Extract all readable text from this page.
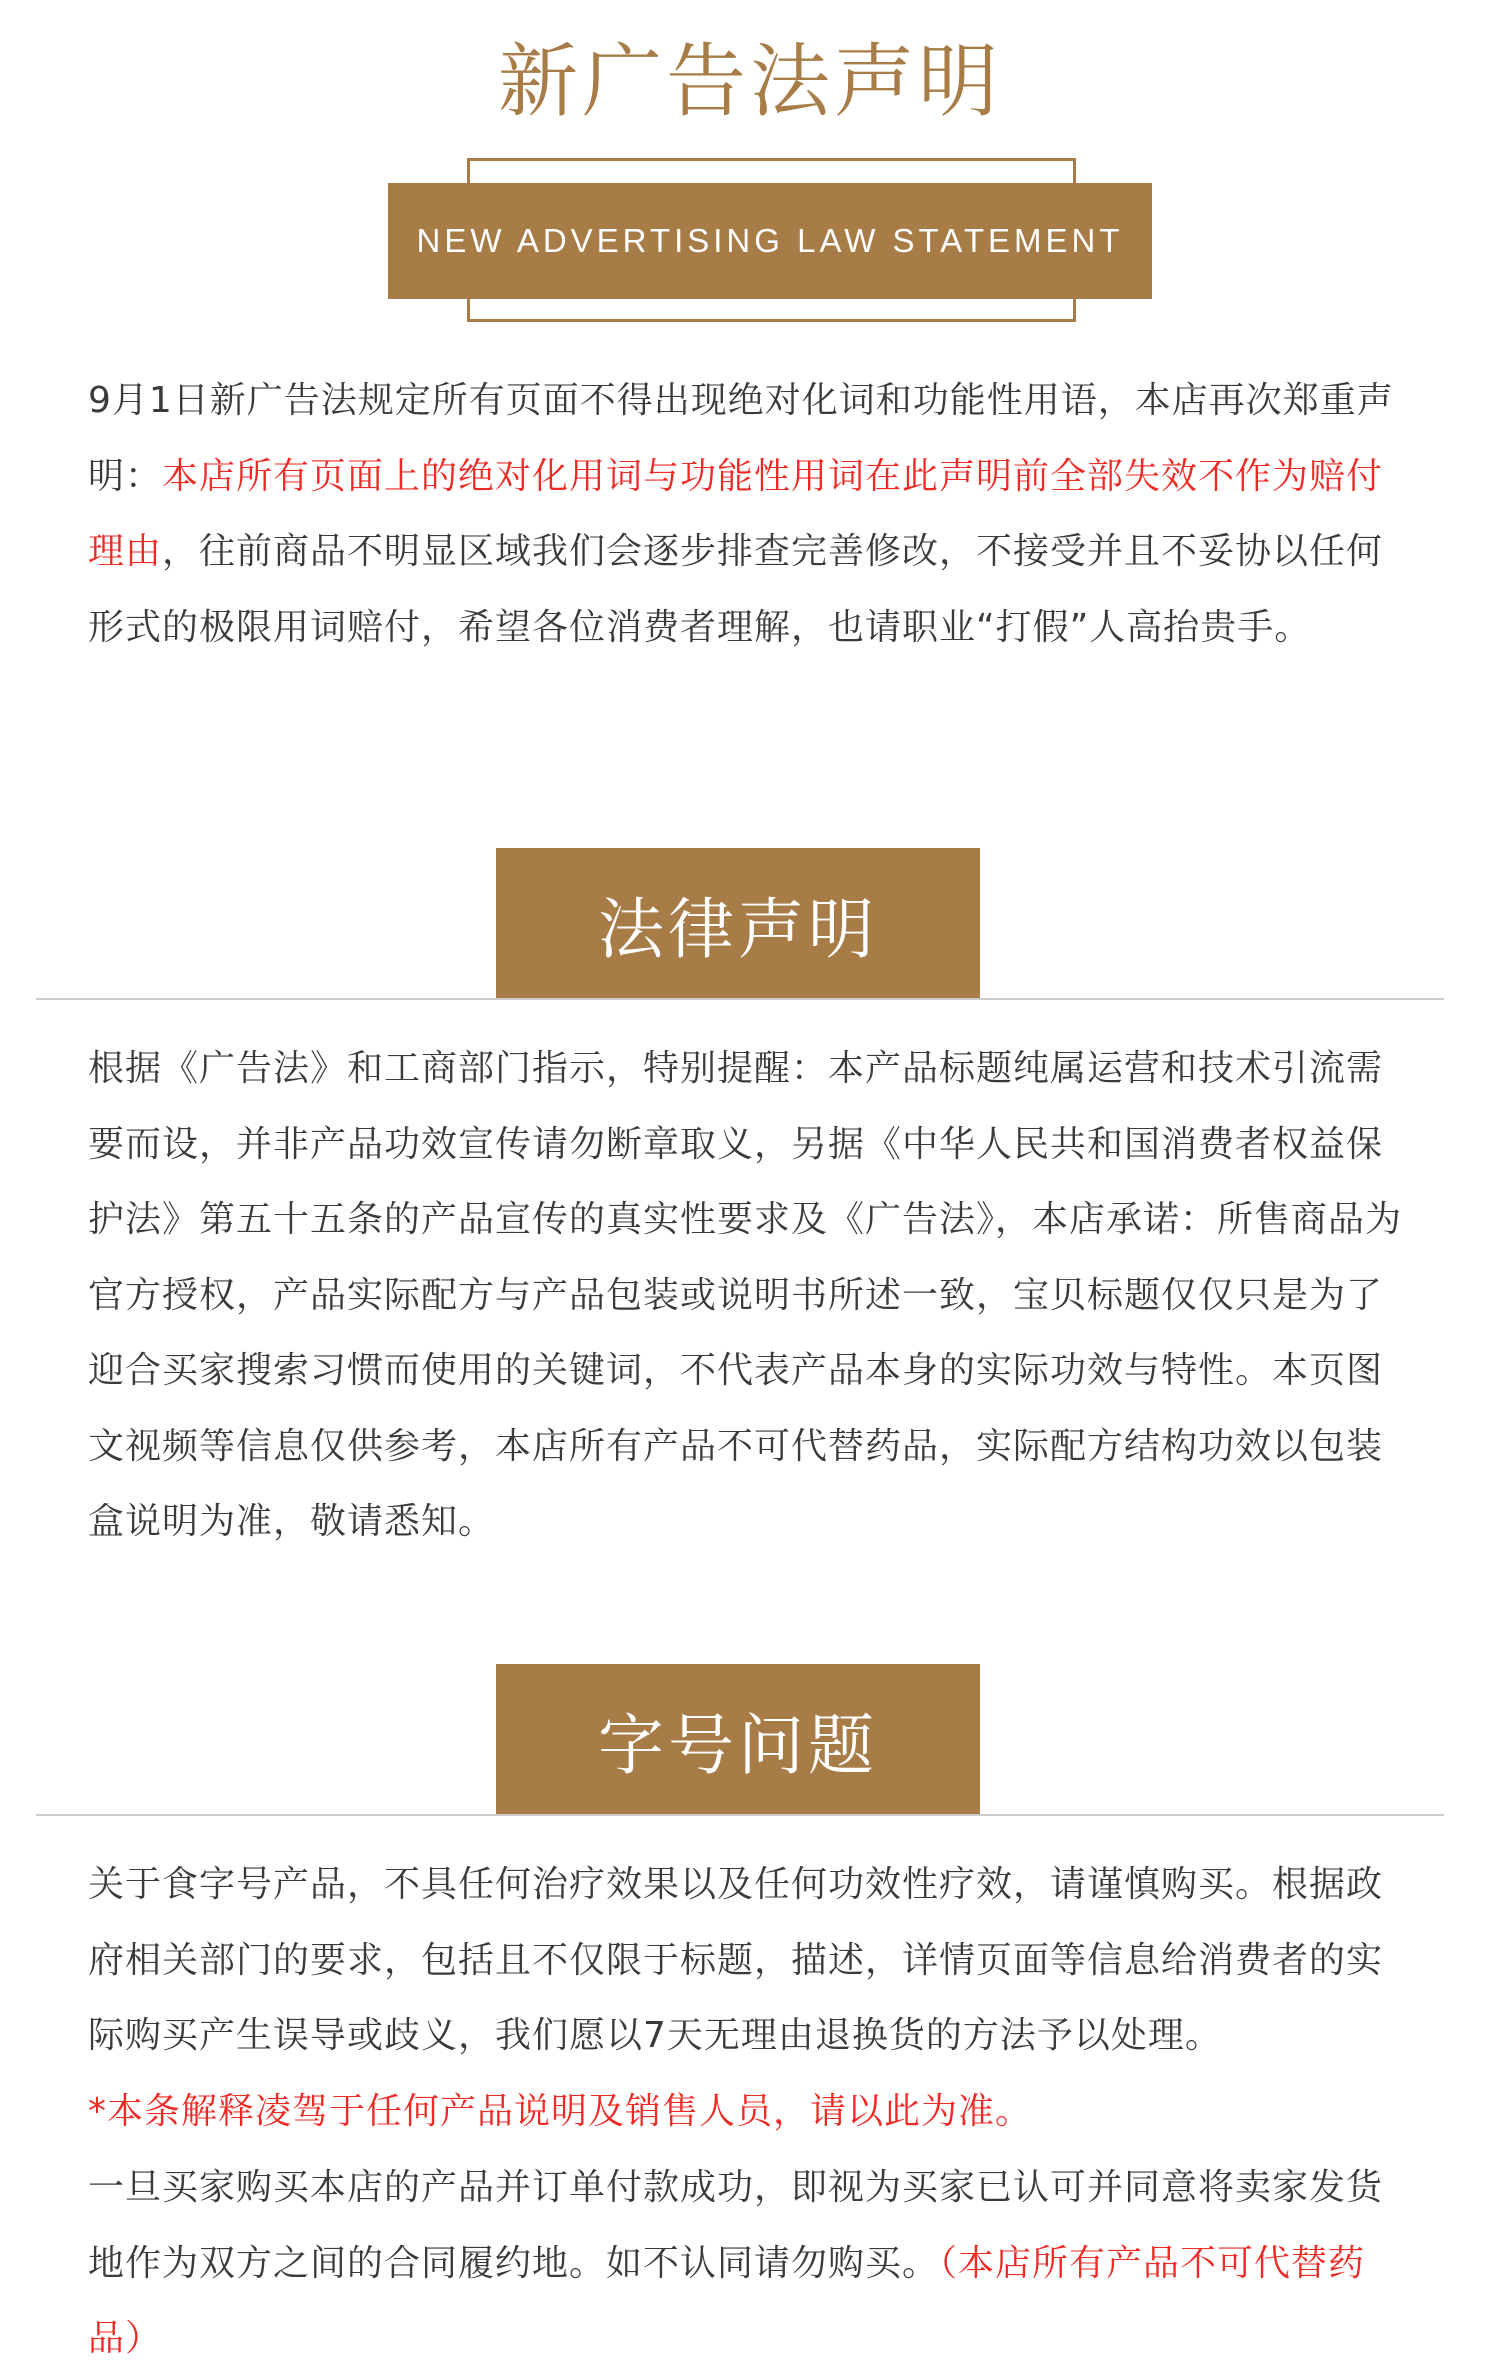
新广告法声明
NEW ADVERTISING LAW STATEMENT

9月1日新广告法规定所有页面不得出现绝对化词和功能性用语，本店再次郑重声明：本店所有页面上的绝对化用词与功能性用词在此声明前全部失效不作为赔付理由，往前商品不明显区域我们会逐步排查完善修改，不接受并且不妥协以任何形式的极限用词赔付，希望各位消费者理解，也请职业“打假”人高抬贵手。

法律声明

根据《广告法》和工商部门指示，特别提醒：本产品标题纯属运营和技术引流需要而设，并非产品功效宣传请勿断章取义，另据《中华人民共和国消费者权益保护法》第五十五条的产品宣传的真实性要求及《广告法》，本店承诺：所售商品为官方授权，产品实际配方与产品包装或说明书所述一致，宝贝标题仅仅只是为了迎合买家搜索习惯而使用的关键词，不代表产品本身的实际功效与特性。本页图文视频等信息仅供参考，本店所有产品不可代替药品，实际配方结构功效以包装盒说明为准，敬请悉知。

字号问题

关于食字号产品，不具任何治疗效果以及任何功效性疗效，请谨慎购买。根据政府相关部门的要求，包括且不仅限于标题，描述，详情页面等信息给消费者的实际购买产生误导或歧义，我们愿以7天无理由退换货的方法予以处理。

*本条解释凌驾于任何产品说明及销售人员，请以此为准。

一旦买家购买本店的产品并订单付款成功，即视为买家已认可并同意将卖家发货地作为双方之间的合同履约地。如不认同请勿购买。（本店所有产品不可代替药品）
